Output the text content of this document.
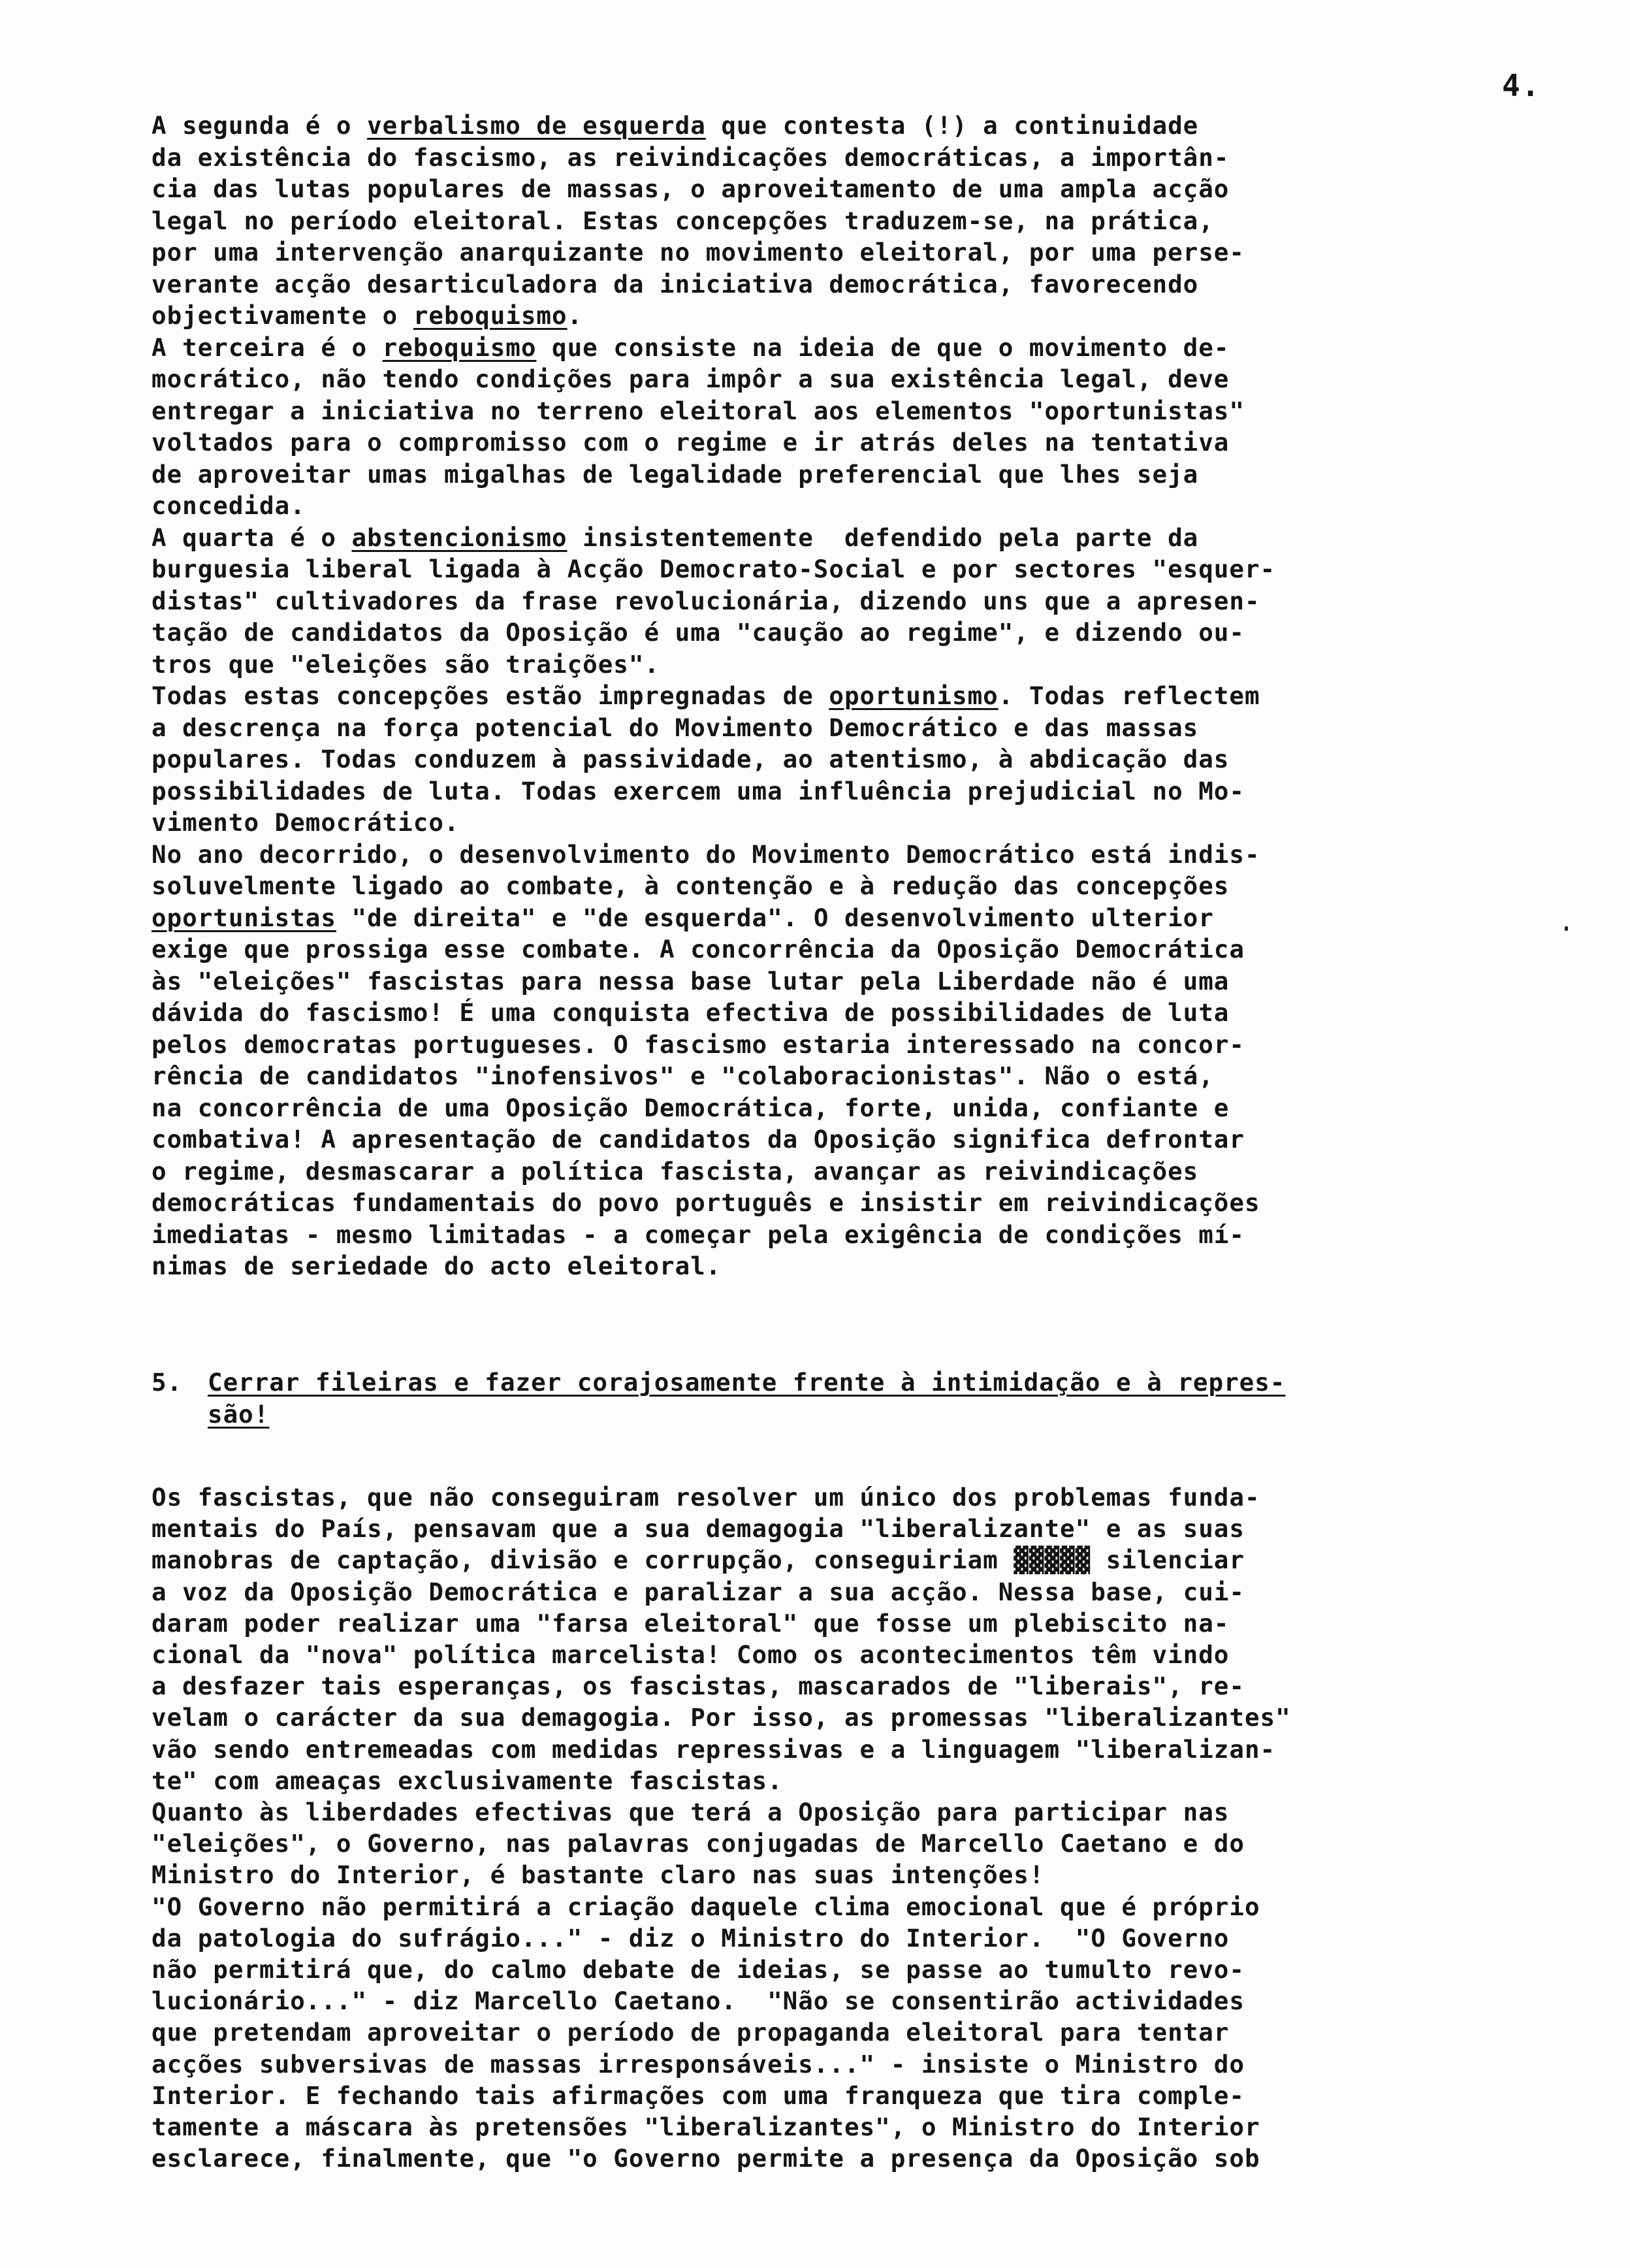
4.
A segunda é o verbalismo de esquerda que contesta (!) a continuidade
da existência do fascismo, as reivindicações democráticas, a importân-
cia das lutas populares de massas, o aproveitamento de uma ampla acção
legal no período eleitoral. Estas concepções traduzem-se, na prática,
por uma intervenção anarquizante no movimento eleitoral, por uma perse-
verante acção desarticuladora da iniciativa democrática, favorecendo
objectivamente o reboquismo.
A terceira é o reboquismo que consiste na ideia de que o movimento de-
mocrático, não tendo condições para impôr a sua existência legal, deve
entregar a iniciativa no terreno eleitoral aos elementos "oportunistas"
voltados para o compromisso com o regime e ir atrás deles na tentativa
de aproveitar umas migalhas de legalidade preferencial que lhes seja
concedida.
A quarta é o abstencionismo insistentemente  defendido pela parte da
burguesia liberal ligada à Acção Democrato-Social e por sectores "esquer-
distas" cultivadores da frase revolucionária, dizendo uns que a apresen-
tação de candidatos da Oposição é uma "caução ao regime", e dizendo ou-
tros que "eleições são traições".
Todas estas concepções estão impregnadas de oportunismo. Todas reflectem
a descrença na força potencial do Movimento Democrático e das massas
populares. Todas conduzem à passividade, ao atentismo, à abdicação das
possibilidades de luta. Todas exercem uma influência prejudicial no Mo-
vimento Democrático.
No ano decorrido, o desenvolvimento do Movimento Democrático está indis-
soluvelmente ligado ao combate, à contenção e à redução das concepções
oportunistas "de direita" e "de esquerda". O desenvolvimento ulterior
exige que prossiga esse combate. A concorrência da Oposição Democrática
às "eleições" fascistas para nessa base lutar pela Liberdade não é uma
dávida do fascismo! É uma conquista efectiva de possibilidades de luta
pelos democratas portugueses. O fascismo estaria interessado na concor-
rência de candidatos "inofensivos" e "colaboracionistas". Não o está,
na concorrência de uma Oposição Democrática, forte, unida, confiante e
combativa! A apresentação de candidatos da Oposição significa defrontar
o regime, desmascarar a política fascista, avançar as reivindicações
democráticas fundamentais do povo português e insistir em reivindicações
imediatas - mesmo limitadas - a começar pela exigência de condições mí-
nimas de seriedade do acto eleitoral.
5.	Cerrar fileiras e fazer corajosamente frente à intimidação e à repres-
são!
Os fascistas, que não conseguiram resolver um único dos problemas funda-
mentais do País, pensavam que a sua demagogia "liberalizante" e as suas
manobras de captação, divisão e corrupção, conseguiriam ▓▓▓▓▓ silenciar
a voz da Oposição Democrática e paralizar a sua acção. Nessa base, cui-
daram poder realizar uma "farsa eleitoral" que fosse um plebiscito na-
cional da "nova" política marcelista! Como os acontecimentos têm vindo
a desfazer tais esperanças, os fascistas, mascarados de "liberais", re-
velam o carácter da sua demagogia. Por isso, as promessas "liberalizantes"
vão sendo entremeadas com medidas repressivas e a linguagem "liberalizan-
te" com ameaças exclusivamente fascistas.
Quanto às liberdades efectivas que terá a Oposição para participar nas
"eleições", o Governo, nas palavras conjugadas de Marcello Caetano e do
Ministro do Interior, é bastante claro nas suas intenções!
"O Governo não permitirá a criação daquele clima emocional que é próprio
da patologia do sufrágio..." - diz o Ministro do Interior.  "O Governo
não permitirá que, do calmo debate de ideias, se passe ao tumulto revo-
lucionário..." - diz Marcello Caetano.  "Não se consentirão actividades
que pretendam aproveitar o período de propaganda eleitoral para tentar
acções subversivas de massas irresponsáveis..." - insiste o Ministro do
Interior. E fechando tais afirmações com uma franqueza que tira comple-
tamente a máscara às pretensões "liberalizantes", o Ministro do Interior
esclarece, finalmente, que "o Governo permite a presença da Oposição sob
